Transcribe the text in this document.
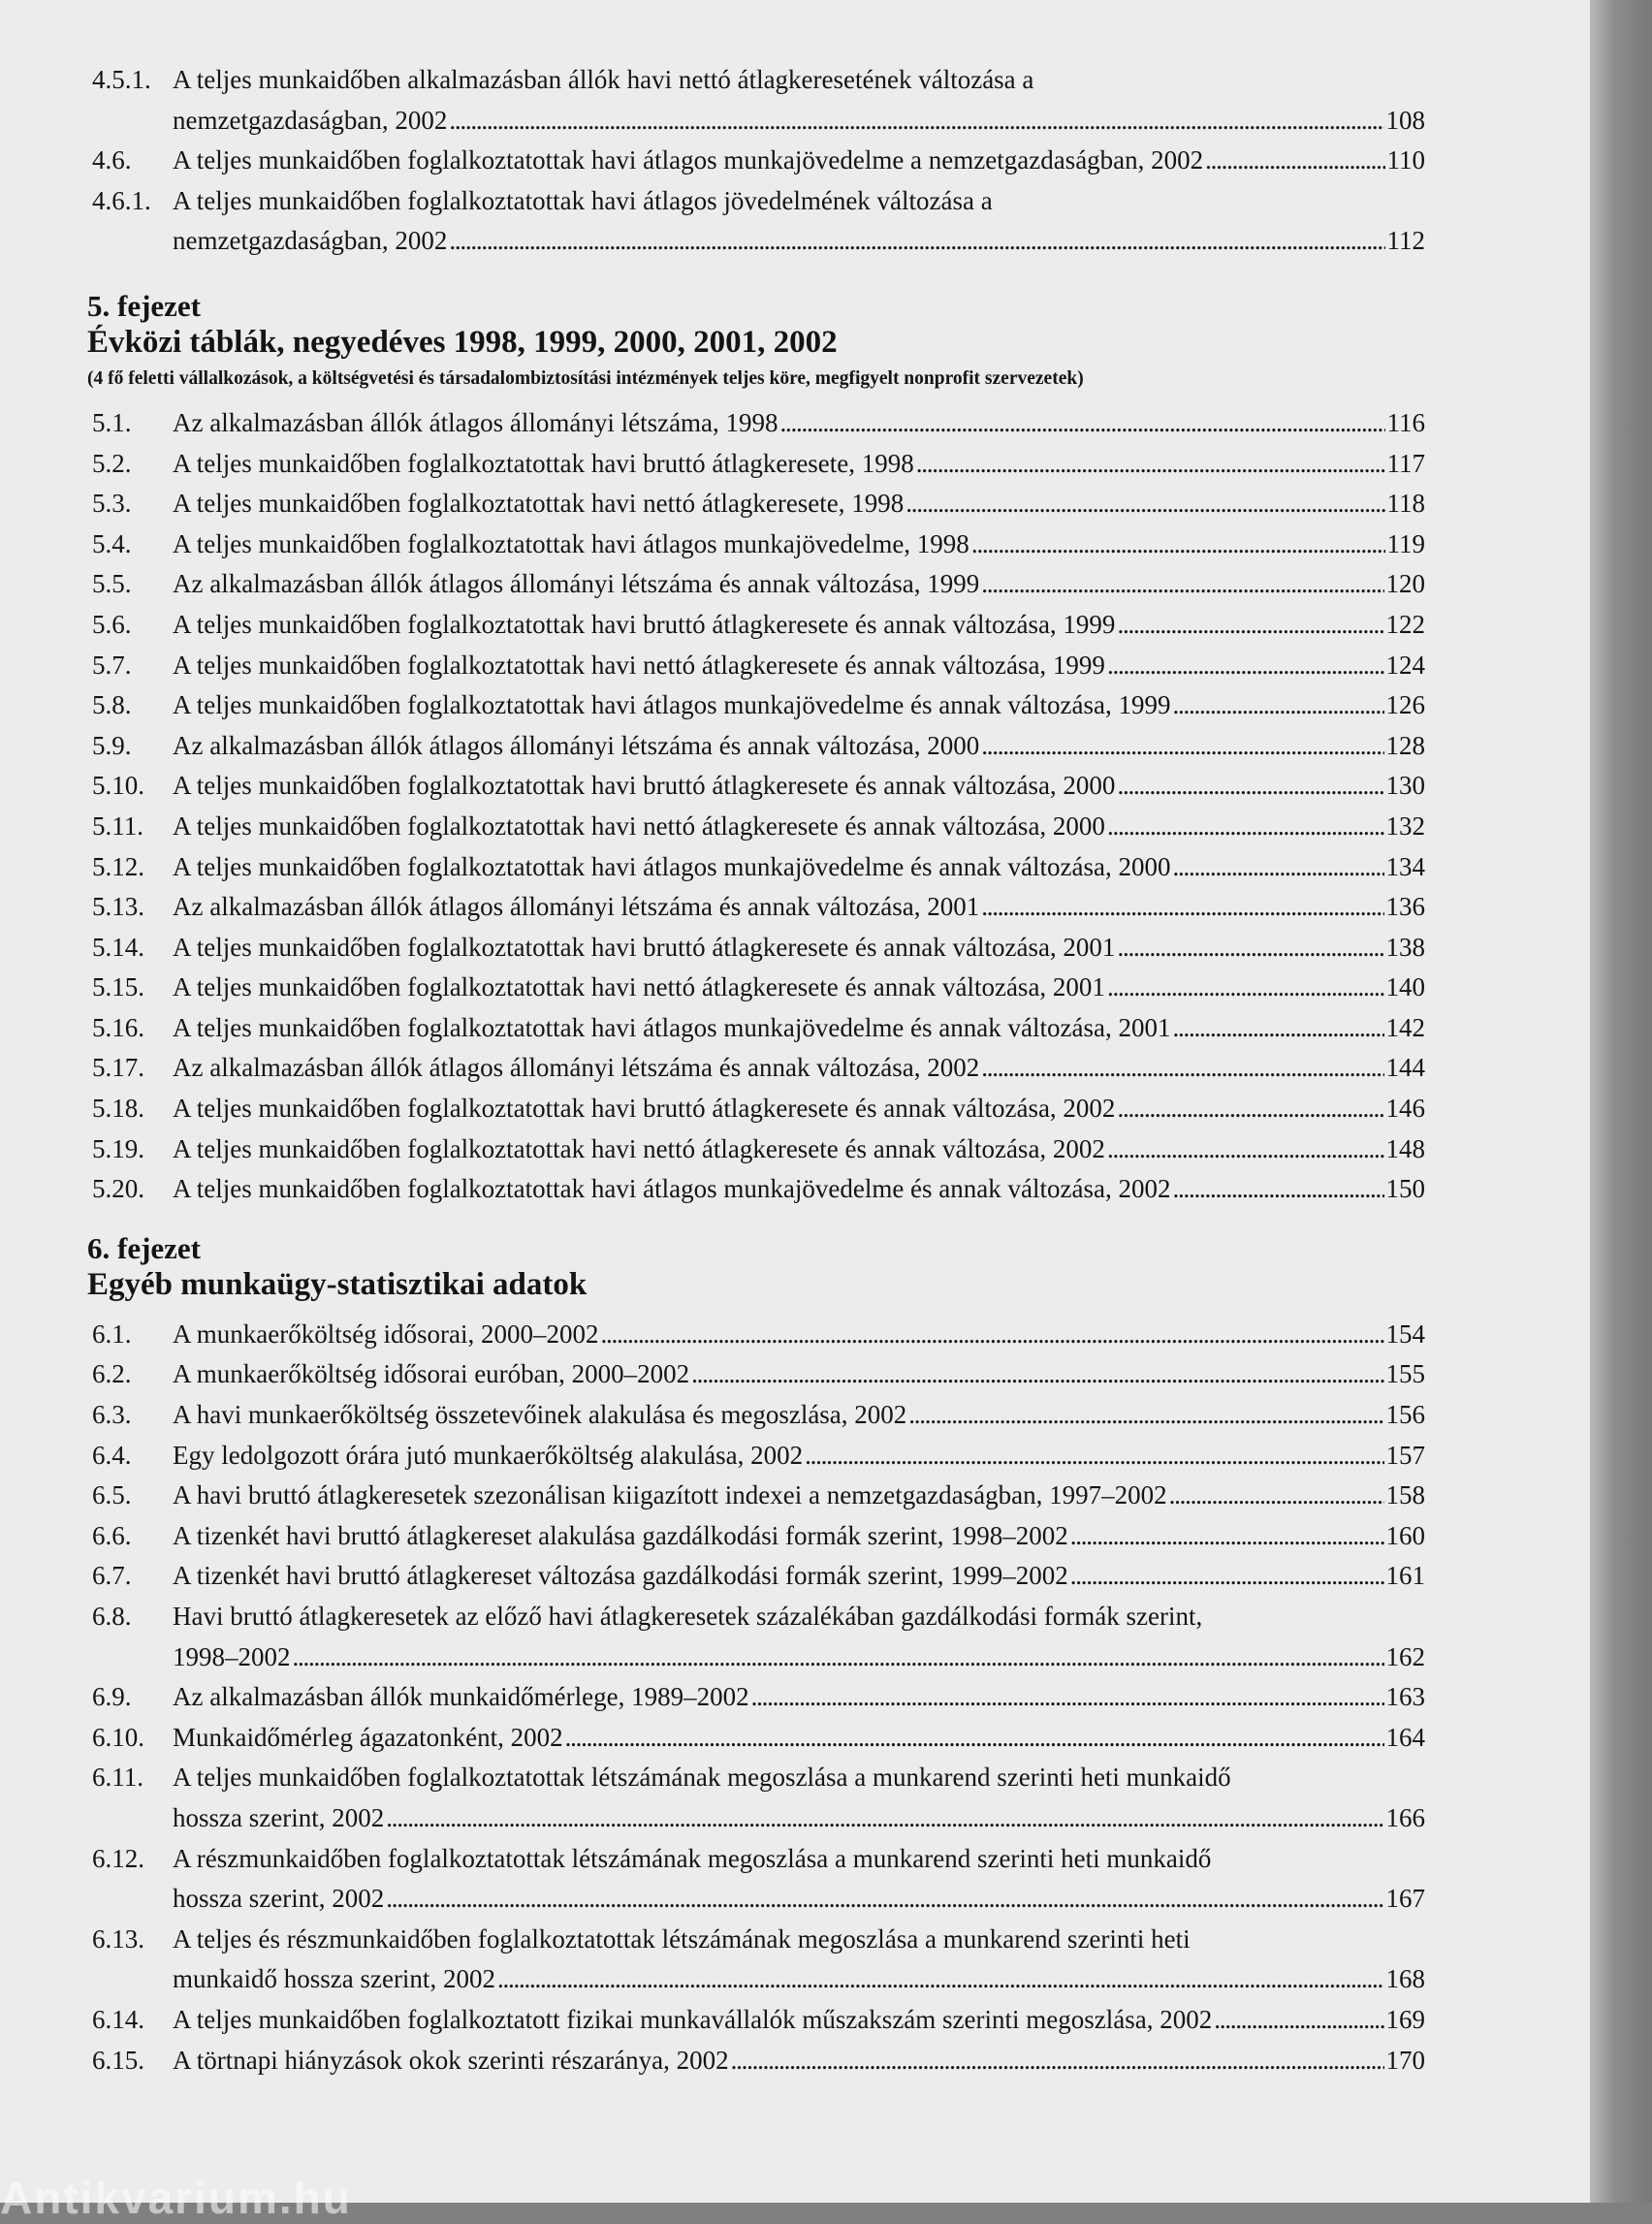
4.5.1. A teljes munkaidőben alkalmazásban állók havi nettó átlagkeresetének változása a
nemzetgazdaságban, 2002 . . .	108
4.6.	A teljes munkaidőben foglalkoztatottak havi átlagos munkajövedelme a nemzetgazdaságban, 2002 . . .	110
4.6.1. A teljes munkaidőben foglalkoztatottak havi átlagos jövedelmének változása a
nemzetgazdaságban, 2002 . . .	112
5. fejezet
Évközi táblák, negyedéves 1998, 1999, 2000, 2001, 2002
(4 fő feletti vállalkozások, a költségvetési és társadalombiztosítási intézmények teljes köre, megfigyelt nonprofit szervezetek)
5.1.	Az alkalmazásban állók átlagos állományi létszáma, 1998 . . .	116
5.2.	A teljes munkaidőben foglalkoztatottak havi bruttó átlagkeresete, 1998 . . .	117
5.3.	A teljes munkaidőben foglalkoztatottak havi nettó átlagkeresete, 1998 . . .	118
5.4.	A teljes munkaidőben foglalkoztatottak havi átlagos munkajövedelme, 1998 . . .	119
5.5.	Az alkalmazásban állók átlagos állományi létszáma és annak változása, 1999 . . .	120
5.6.	A teljes munkaidőben foglalkoztatottak havi bruttó átlagkeresete és annak változása, 1999 . . .	122
5.7.	A teljes munkaidőben foglalkoztatottak havi nettó átlagkeresete és annak változása, 1999 . . .	124
5.8.	A teljes munkaidőben foglalkoztatottak havi átlagos munkajövedelme és annak változása, 1999 . . .	126
5.9.	Az alkalmazásban állók átlagos állományi létszáma és annak változása, 2000 . . .	128
5.10.	A teljes munkaidőben foglalkoztatottak havi bruttó átlagkeresete és annak változása, 2000 . . .	130
5.11.	A teljes munkaidőben foglalkoztatottak havi nettó átlagkeresete és annak változása, 2000 . . .	132
5.12.	A teljes munkaidőben foglalkoztatottak havi átlagos munkajövedelme és annak változása, 2000 . . .	134
5.13.	Az alkalmazásban állók átlagos állományi létszáma és annak változása, 2001 . . .	136
5.14.	A teljes munkaidőben foglalkoztatottak havi bruttó átlagkeresete és annak változása, 2001 . . .	138
5.15.	A teljes munkaidőben foglalkoztatottak havi nettó átlagkeresete és annak változása, 2001 . . .	140
5.16.	A teljes munkaidőben foglalkoztatottak havi átlagos munkajövedelme és annak változása, 2001 . . .	142
5.17.	Az alkalmazásban állók átlagos állományi létszáma és annak változása, 2002 . . .	144
5.18.	A teljes munkaidőben foglalkoztatottak havi bruttó átlagkeresete és annak változása, 2002 . . .	146
5.19.	A teljes munkaidőben foglalkoztatottak havi nettó átlagkeresete és annak változása, 2002 . . .	148
5.20.	A teljes munkaidőben foglalkoztatottak havi átlagos munkajövedelme és annak változása, 2002 . . .	150
6. fejezet
Egyéb munkaügy-statisztikai adatok
6.1.	A munkaerőköltség idősorai, 2000–2002 . . .	154
6.2.	A munkaerőköltség idősorai euróban, 2000–2002 . . .	155
6.3.	A havi munkaerőköltség összetevőinek alakulása és megoszlása, 2002 . . .	156
6.4.	Egy ledolgozott órára jutó munkaerőköltség alakulása, 2002 . . .	157
6.5.	A havi bruttó átlagkeresetek szezonálisan kiigazított indexei a nemzetgazdaságban, 1997–2002 . . .	158
6.6.	A tizenkét havi bruttó átlagkereset alakulása gazdálkodási formák szerint, 1998–2002 . . .	160
6.7.	A tizenkét havi bruttó átlagkereset változása gazdálkodási formák szerint, 1999–2002 . . .	161
6.8.	Havi bruttó átlagkeresetek az előző havi átlagkeresetek százalékában gazdálkodási formák szerint,
1998–2002 . . .	162
6.9.	Az alkalmazásban állók munkaidőmérlege, 1989–2002 . . .	163
6.10.	Munkaidőmérleg ágazatonként, 2002 . . .	164
6.11.	A teljes munkaidőben foglalkoztatottak létszámának megoszlása a munkarend szerinti heti munkaidő
hossza szerint, 2002 . . .	166
6.12.	A részmunkaidőben foglalkoztatottak létszámának megoszlása a munkarend szerinti heti munkaidő
hossza szerint, 2002 . . .	167
6.13.	A teljes és részmunkaidőben foglalkoztatottak létszámának megoszlása a munkarend szerinti heti
munkaidő hossza szerint, 2002 . . .	168
6.14.	A teljes munkaidőben foglalkoztatott fizikai munkavállalók műszakszám szerinti megoszlása, 2002 . . .	169
6.15.	A törtnapi hiányzások okok szerinti részaránya, 2002 . . .	170
Antikvarium.hu
